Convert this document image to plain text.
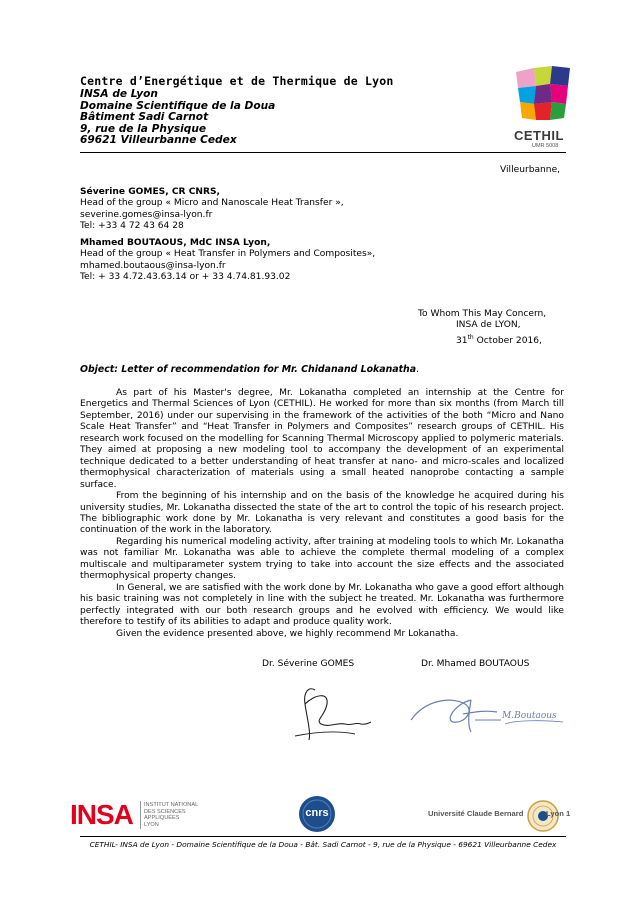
Centre d’Energétique et de Thermique de Lyon
INSA de Lyon
Domaine Scientifique de la Doua
Bâtiment Sadi Carnot
9, rue de la Physique
69621 Villeurbanne Cedex	CETHIL
UMR 5008
Villeurbanne,
Séverine GOMES, CR CNRS,
Head of the group « Micro and Nanoscale Heat Transfer »,
severine.gomes@insa-lyon.fr
Tel: +33 4 72 43 64 28
Mhamed BOUTAOUS, MdC INSA Lyon,
Head of the group « Heat Transfer in Polymers and Composites»,
mhamed.boutaous@insa-lyon.fr
Tel: + 33 4.72.43.63.14 or + 33 4.74.81.93.02
To Whom This May Concern,
INSA de LYON,
31th October 2016,
Object: Letter of recommendation for Mr. Chidanand Lokanatha.

As part of his Master's degree, Mr. Lokanatha completed an internship at the Centre for Energetics and Thermal Sciences of Lyon (CETHIL). He worked for more than six months (from March till September, 2016) under our supervising in the framework of the activities of the both “Micro and Nano Scale Heat Transfer” and “Heat Transfer in Polymers and Composites” research groups of CETHIL. His research work focused on the modelling for Scanning Thermal Microscopy applied to polymeric materials. They aimed at proposing a new modeling tool to accompany the development of an experimental technique dedicated to a better understanding of heat transfer at nano- and micro-scales and localized thermophysical characterization of materials using a small heated nanoprobe contacting a sample surface.

From the beginning of his internship and on the basis of the knowledge he acquired during his university studies, Mr. Lokanatha dissected the state of the art to control the topic of his research project. The bibliographic work done by Mr. Lokanatha is very relevant and constitutes a good basis for the continuation of the work in the laboratory.

Regarding his numerical modeling activity, after training at modeling tools to which Mr. Lokanatha was not familiar Mr. Lokanatha was able to achieve the complete thermal modeling of a complex multiscale and multiparameter system trying to take into account the size effects and the associated thermophysical property changes.

In General, we are satisfied with the work done by Mr. Lokanatha who gave a good effort although his basic training was not completely in line with the subject he treated. Mr. Lokanatha was furthermore perfectly integrated with our both research groups and he evolved with efficiency. We would like therefore to testify of its abilities to adapt and produce quality work.

Given the evidence presented above, we highly recommend Mr Lokanatha.

Dr. Séverine GOMES	Dr. Mhamed BOUTAOUS
M.Boutaous
INSA INSTITUT NATIONAL
DES SCIENCES
APPLIQUÉES
LYON
cnrs	Université Claude Bernard	Lyon 1
CETHIL- INSA de Lyon - Domaine Scientifique de la Doua - Bât. Sadi Carnot - 9, rue de la Physique - 69621 Villeurbanne Cedex
